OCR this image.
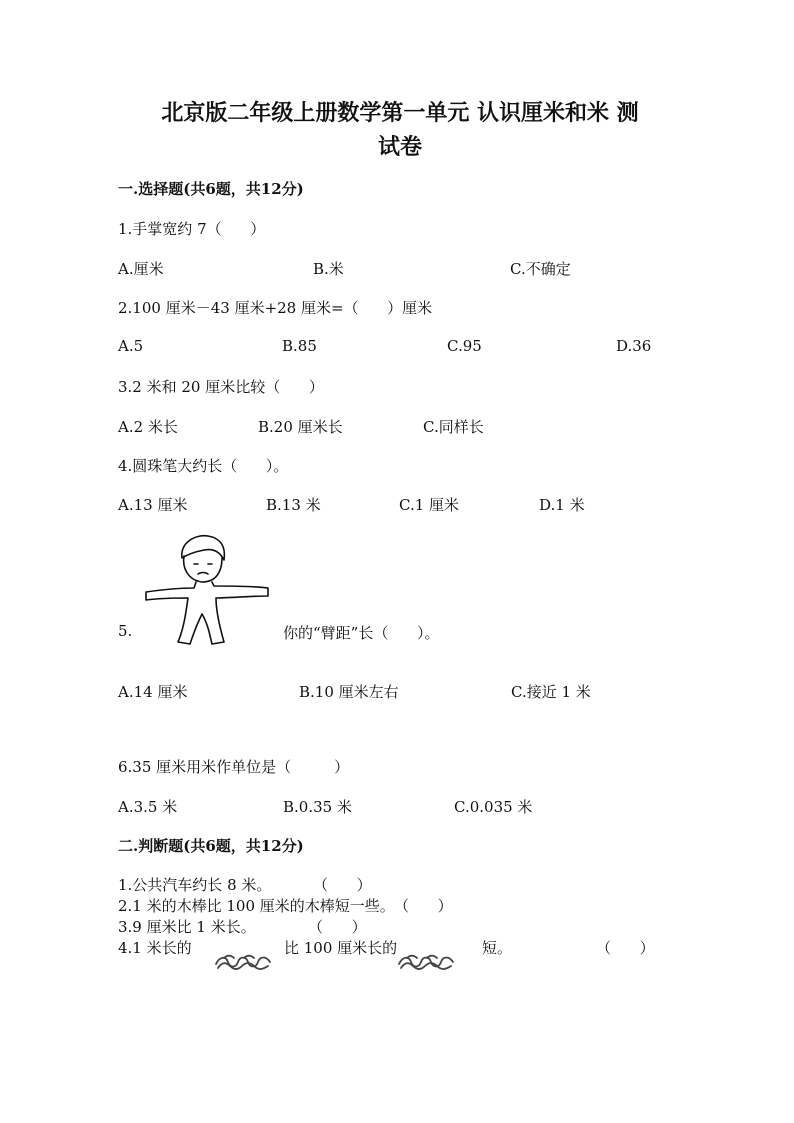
北京版二年级上册数学第一单元 认识厘米和米 测
试卷
一.选择题(共6题，共12分)
1.手掌宽约 7（      ）
A.厘米	B.米	C.不确定
2.100 厘米－43 厘米+28 厘米=（      ）厘米
A.5	B.85	C.95	D.36
3.2 米和 20 厘米比较（      ）
A.2 米长	B.20 厘米长	C.同样长
4.圆珠笔大约长（      ）。
A.13 厘米	B.13 米	C.1 厘米	D.1 米
5.	你的“臂距”长（      ）。
A.14 厘米	B.10 厘米左右	C.接近 1 米
6.35 厘米用米作单位是（         ）
A.3.5 米	B.0.35 米	C.0.035 米
二.判断题(共6题，共12分)
1.公共汽车约长 8 米。	（      ）
2.1 米的木棒比 100 厘米的木棒短一些。 （      ）
3.9 厘米比 1 米长。	（      ）
4.1 米长的	比 100 厘米长的	短。	（      ）
